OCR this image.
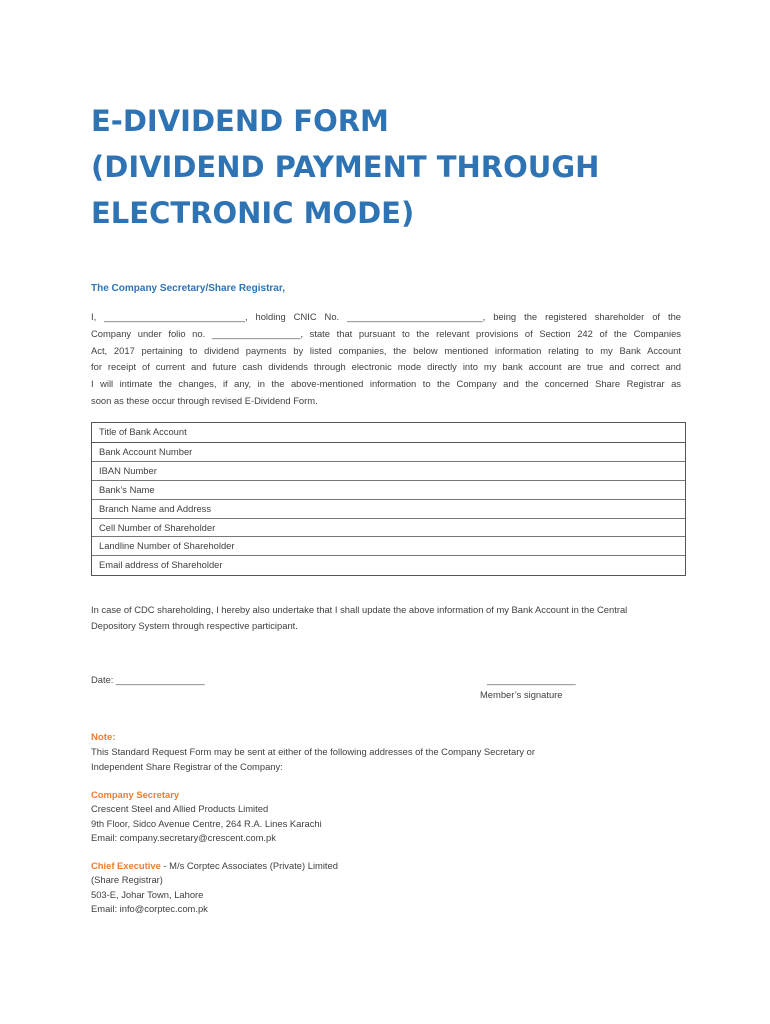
E-DIVIDEND FORM
(DIVIDEND PAYMENT THROUGH
ELECTRONIC MODE)
The Company Secretary/Share Registrar,
I, ___________________________, holding CNIC No. __________________________, being the registered shareholder of the
Company under folio no. _________________, state that pursuant to the relevant provisions of Section 242 of the Companies
Act, 2017 pertaining to dividend payments by listed companies, the below mentioned information relating to my Bank Account
for receipt of current and future cash dividends through electronic mode directly into my bank account are true and correct and
I will intimate the changes, if any, in the above-mentioned information to the Company and the concerned Share Registrar as
soon as these occur through revised E-Dividend Form.
Title of Bank Account
Bank Account Number
IBAN Number
Bank’s Name
Branch Name and Address
Cell Number of Shareholder
Landline Number of Shareholder
Email address of Shareholder
In case of CDC shareholding, I hereby also undertake that I shall update the above information of my Bank Account in the Central
Depository System through respective participant.
Date: _________________	_________________
Member’s signature
Note:
This Standard Request Form may be sent at either of the following addresses of the Company Secretary or
Independent Share Registrar of the Company:
Company Secretary
Crescent Steel and Allied Products Limited
9th Floor, Sidco Avenue Centre, 264 R.A. Lines Karachi
Email: company.secretary@crescent.com.pk
Chief Executive - M/s Corptec Associates (Private) Limited
(Share Registrar)
503-E, Johar Town, Lahore
Email: info@corptec.com.pk
